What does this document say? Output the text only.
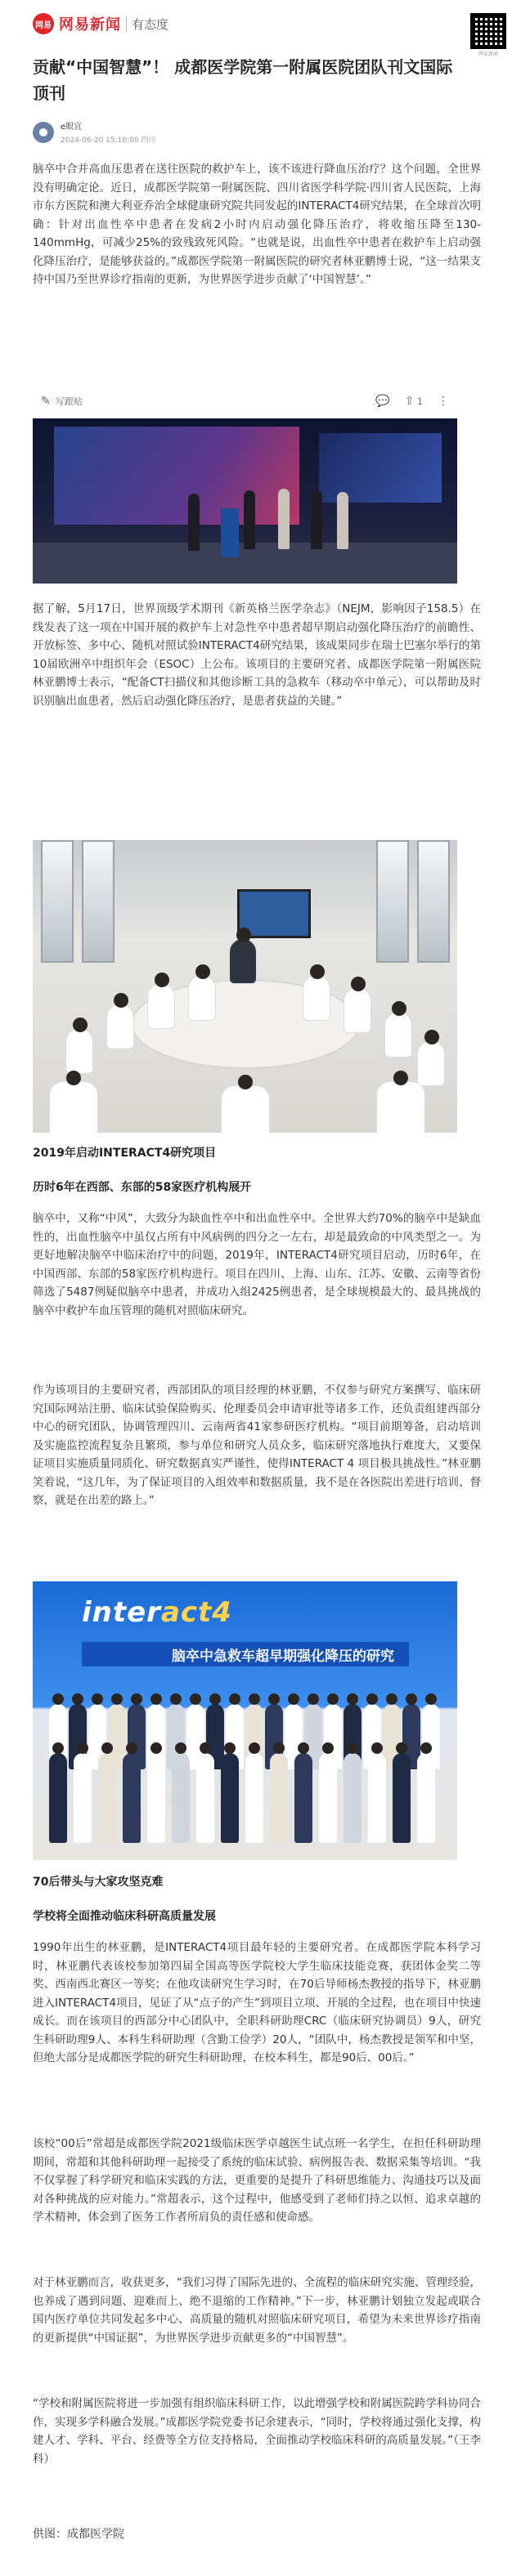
网易 网易新闻 有态度
网易新闻
贡献“中国智慧”！ 成都医学院第一附属医院团队刊文国际顶刊
e眼宜
2024-06-20 15:10:00 四川

脑卒中合并高血压患者在送往医院的救护车上，该不该进行降血压治疗？这个问题，全世界没有明确定论。近日，成都医学院第一附属医院、四川省医学科学院·四川省人民医院、上海市东方医院和澳大利亚乔治全球健康研究院共同发起的INTERACT4研究结果，在全球首次明确：针对出血性卒中患者在发病2小时内启动强化降压治疗，将收缩压降至130-140mmHg，可减少25%的致残致死风险。“也就是说，出血性卒中患者在救护车上启动强化降压治疗，是能够获益的。”成都医学院第一附属医院的研究者林亚鹏博士说，“这一结果支持中国乃至世界诊疗指南的更新，为世界医学进步贡献了‘中国智慧’。”

✎ 写跟贴	💬 ⇧ 1 ⋮

据了解，5月17日，世界顶级学术期刊《新英格兰医学杂志》（NEJM，影响因子158.5）在线发表了这一项在中国开展的救护车上对急性卒中患者超早期启动强化降压治疗的前瞻性、开放标签、多中心、随机对照试验INTERACT4研究结果，该成果同步在瑞士巴塞尔举行的第10届欧洲卒中组织年会（ESOC）上公布。该项目的主要研究者、成都医学院第一附属医院林亚鹏博士表示，“配备CT扫描仪和其他诊断工具的急救车（移动卒中单元），可以帮助及时识别脑出血患者，然后启动强化降压治疗，是患者获益的关键。”

2019年启动INTERACT4研究项目
历时6年在西部、东部的58家医疗机构展开

脑卒中，又称“中风”，大致分为缺血性卒中和出血性卒中。全世界大约70%的脑卒中是缺血性的，出血性脑卒中虽仅占所有中风病例的四分之一左右，却是最致命的中风类型之一。为更好地解决脑卒中临床治疗中的问题，2019年，INTERACT4研究项目启动，历时6年，在中国西部、东部的58家医疗机构进行。项目在四川、上海、山东、江苏、安徽、云南等省份筛选了5487例疑似脑卒中患者，并成功入组2425例患者，是全球规模最大的、最具挑战的脑卒中救护车血压管理的随机对照临床研究。

作为该项目的主要研究者，西部团队的项目经理的林亚鹏，不仅参与研究方案撰写、临床研究国际网站注册、临床试验保险购买、伦理委员会申请审批等诸多工作，还负责组建西部分中心的研究团队，协调管理四川、云南两省41家参研医疗机构。“项目前期筹备，启动培训及实施监控流程复杂且繁琐，参与单位和研究人员众多，临床研究落地执行难度大，又要保证项目实施质量同质化、研究数据真实严谨性，使得INTERACT 4 项目极具挑战性。”林亚鹏笑着说，“这几年，为了保证项目的入组效率和数据质量，我不是在各医院出差进行培训、督察，就是在出差的路上。”

interact4
脑卒中急救车超早期强化降压的研究
70后带头与大家攻坚克难
学校将全面推动临床科研高质量发展

1990年出生的林亚鹏，是INTERACT4项目最年轻的主要研究者。在成都医学院本科学习时，林亚鹏代表该校参加第四届全国高等医学院校大学生临床技能竞赛，获团体金奖二等奖、西南西北赛区一等奖；在他攻读研究生学习时，在70后导师杨杰教授的指导下，林亚鹏进入INTERACT4项目，见证了从“点子的产生”到项目立项、开展的全过程，也在项目中快速成长。而在该项目的西部分中心团队中，全职科研助理CRC（临床研究协调员）9人，研究生科研助理9人、本科生科研助理（含勤工俭学）20人，“团队中，杨杰教授是领军和中坚，但绝大部分是成都医学院的研究生科研助理，在校本科生，都是90后、00后。”

该校“00后”常超是成都医学院2021级临床医学卓越医生试点班一名学生，在担任科研助理期间，常超和其他科研助理一起接受了系统的临床试验、病例报告表、数据采集等培训。“我不仅掌握了科学研究和临床实践的方法，更重要的是提升了科研思维能力、沟通技巧以及面对各种挑战的应对能力。”常超表示，这个过程中，他感受到了老师们持之以恒、追求卓越的学术精神，体会到了医务工作者所肩负的责任感和使命感。

对于林亚鹏而言，收获更多，“我们习得了国际先进的、全流程的临床研究实施、管理经验，也养成了遇到问题、迎难而上、绝不退缩的工作精神。”下一步，林亚鹏计划独立发起或联合国内医疗单位共同发起多中心、高质量的随机对照临床研究项目，希望为未来世界诊疗指南的更新提供“中国证据”，为世界医学进步贡献更多的“中国智慧”。

“学校和附属医院将进一步加强有组织临床科研工作，以此增强学校和附属医院跨学科协同合作，实现多学科融合发展。”成都医学院党委书记余建表示，“同时，学校将通过强化支撑，构建人才、学科、平台、经费等全方位支持格局，全面推动学校临床科研的高质量发展。”（王李科）

供图：成都医学院
